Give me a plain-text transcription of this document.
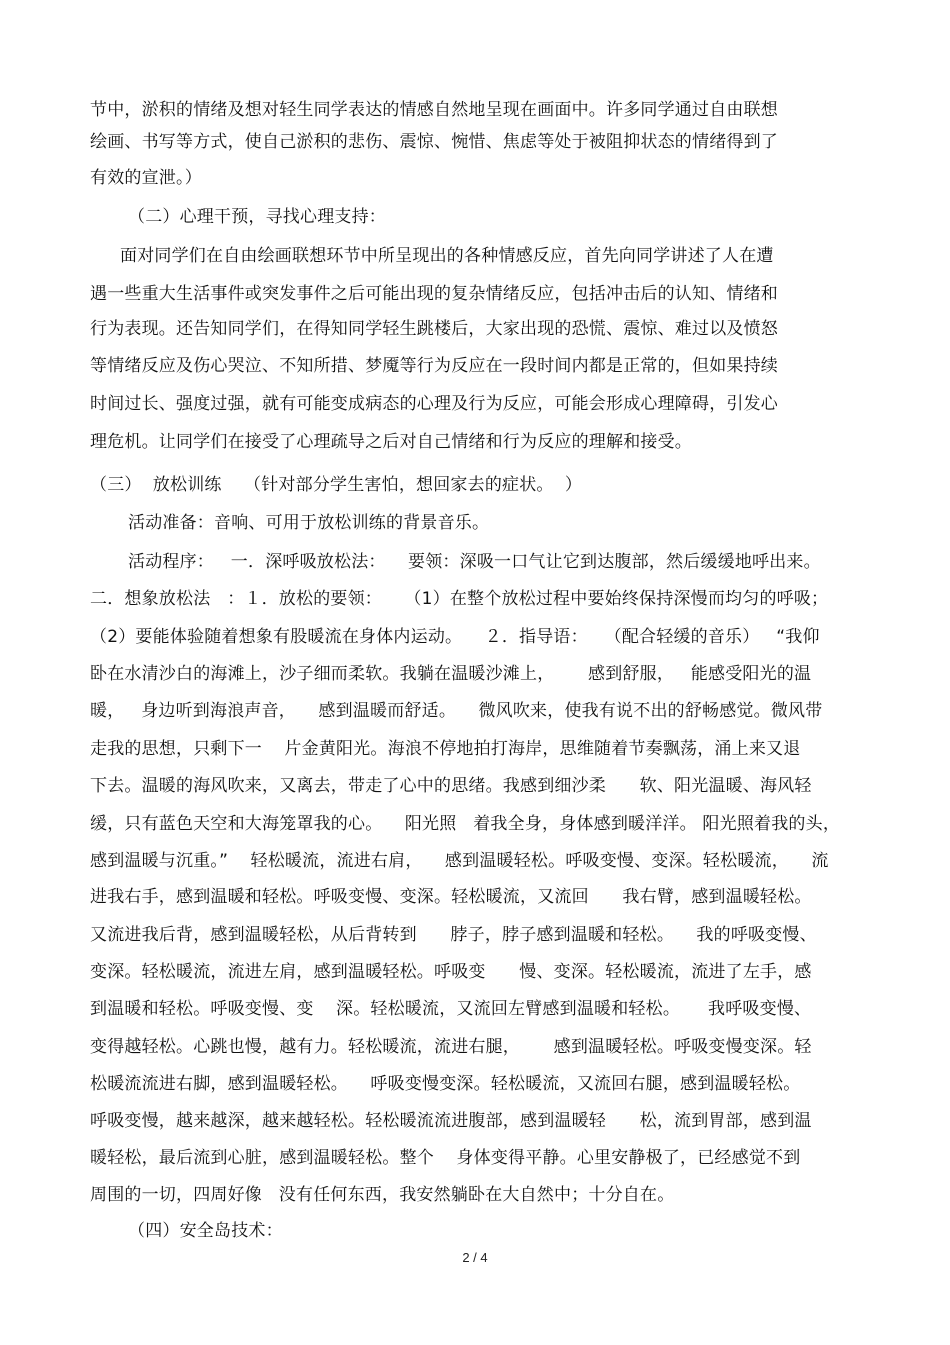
节中，淤积的情绪及想对轻生同学表达的情感自然地呈现在画面中。许多同学通过自由联想
绘画、书写等方式，使自己淤积的悲伤、震惊、惋惜、焦虑等处于被阻抑状态的情绪得到了
有效的宣泄。）
（二）心理干预，寻找心理支持：
面对同学们在自由绘画联想环节中所呈现出的各种情感反应，首先向同学讲述了人在遭
遇一些重大生活事件或突发事件之后可能出现的复杂情绪反应，包括冲击后的认知、情绪和
行为表现。还告知同学们，在得知同学轻生跳楼后，大家出现的恐慌、震惊、难过以及愤怒
等情绪反应及伤心哭泣、不知所措、梦魇等行为反应在一段时间内都是正常的，但如果持续
时间过长、强度过强，就有可能变成病态的心理及行为反应，可能会形成心理障碍，引发心
理危机。让同学们在接受了心理疏导之后对自己情绪和行为反应的理解和接受。
（三）  放松训练    （针对部分学生害怕，想回家去的症状。  ）
活动准备：音响、可用于放松训练的背景音乐。
活动程序：   一．深呼吸放松法：    要领：深吸一口气让它到达腹部，然后缓缓地呼出来。
二．想象放松法   ：１．放松的要领：    （1）在整个放松过程中要始终保持深慢而均匀的呼吸；
（2）要能体验随着想象有股暖流在身体内运动。    ２．指导语：   （配合轻缓的音乐）   “我仰
卧在水清沙白的海滩上，沙子细而柔软。我躺在温暖沙滩上，      感到舒服，   能感受阳光的温
暖，   身边听到海浪声音，    感到温暖而舒适。    微风吹来，使我有说不出的舒畅感觉。微风带
走我的思想，只剩下一    片金黄阳光。海浪不停地拍打海岸，思维随着节奏飘荡，涌上来又退
下去。温暖的海风吹来，又离去，带走了心中的思绪。我感到细沙柔      软、阳光温暖、海风轻
缓，只有蓝色天空和大海笼罩我的心。    阳光照   着我全身，身体感到暖洋洋。 阳光照着我的头，
感到温暖与沉重。”    轻松暖流，流进右肩，    感到温暖轻松。呼吸变慢、变深。轻松暖流，    流
进我右手，感到温暖和轻松。呼吸变慢、变深。轻松暖流，又流回      我右臂，感到温暖轻松。
又流进我后背，感到温暖轻松，从后背转到      脖子，脖子感到温暖和轻松。    我的呼吸变慢、
变深。轻松暖流，流进左肩，感到温暖轻松。呼吸变      慢、变深。轻松暖流，流进了左手，感
到温暖和轻松。呼吸变慢、变    深。轻松暖流，又流回左臂感到温暖和轻松。     我呼吸变慢、
变得越轻松。心跳也慢，越有力。轻松暖流，流进右腿，      感到温暖轻松。呼吸变慢变深。轻
松暖流流进右脚，感到温暖轻松。    呼吸变慢变深。轻松暖流，又流回右腿，感到温暖轻松。
呼吸变慢，越来越深，越来越轻松。轻松暖流流进腹部，感到温暖轻      松，流到胃部，感到温
暖轻松，最后流到心脏，感到温暖轻松。整个    身体变得平静。心里安静极了，已经感觉不到
周围的一切，四周好像   没有任何东西，我安然躺卧在大自然中；十分自在。
（四）安全岛技术：
2 / 4
